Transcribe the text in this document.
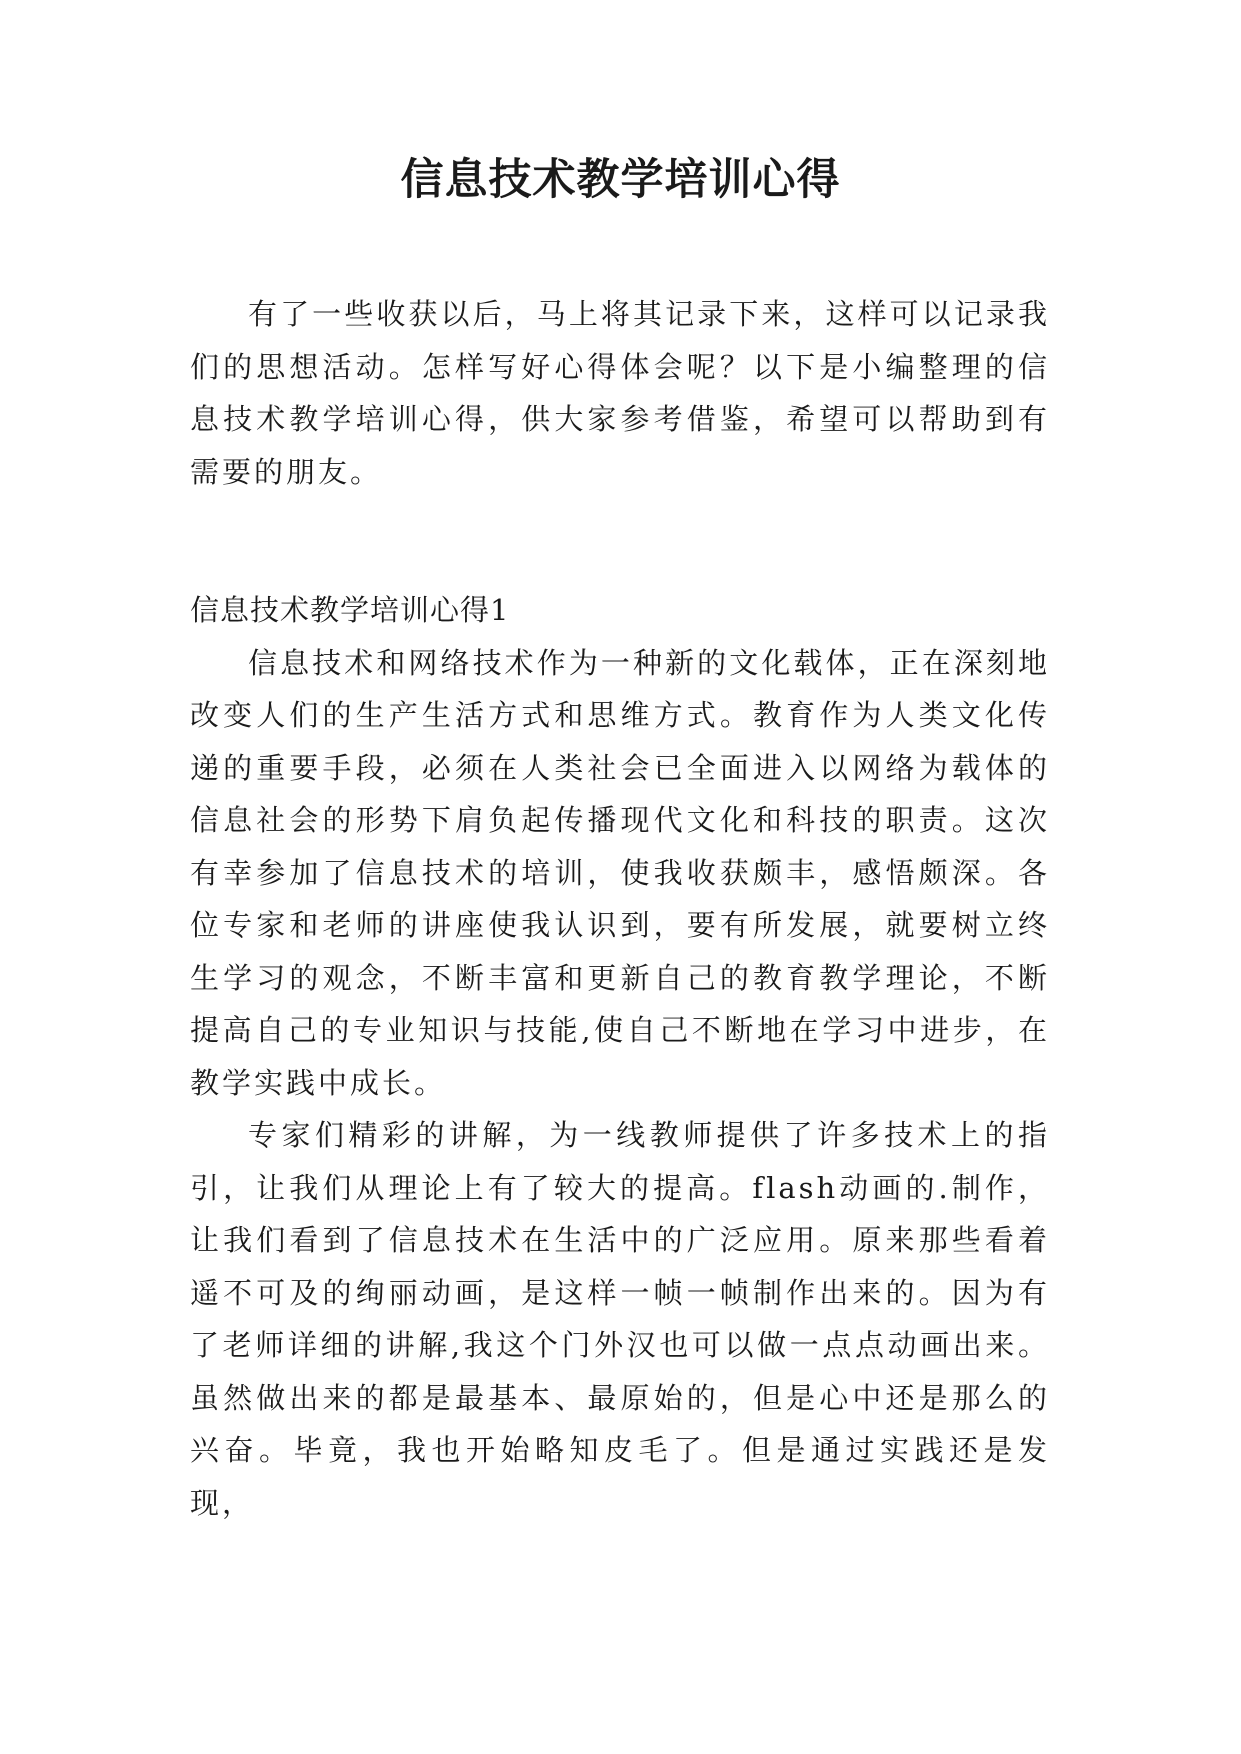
信息技术教学培训心得

有了一些收获以后，马上将其记录下来，这样可以记录我们的思想活动。怎样写好心得体会呢？以下是小编整理的信息技术教学培训心得，供大家参考借鉴，希望可以帮助到有需要的朋友。

信息技术教学培训心得1

信息技术和网络技术作为一种新的文化载体，正在深刻地改变人们的生产生活方式和思维方式。教育作为人类文化传递的重要手段，必须在人类社会已全面进入以网络为载体的信息社会的形势下肩负起传播现代文化和科技的职责。这次有幸参加了信息技术的培训，使我收获颇丰，感悟颇深。各位专家和老师的讲座使我认识到，要有所发展，就要树立终生学习的观念，不断丰富和更新自己的教育教学理论，不断提高自己的专业知识与技能,使自己不断地在学习中进步，在教学实践中成长。

专家们精彩的讲解，为一线教师提供了许多技术上的指引，让我们从理论上有了较大的提高。flash动画的.制作，让我们看到了信息技术在生活中的广泛应用。原来那些看着遥不可及的绚丽动画，是这样一帧一帧制作出来的。因为有了老师详细的讲解,我这个门外汉也可以做一点点动画出来。虽然做出来的都是最基本、最原始的，但是心中还是那么的兴奋。毕竟，我也开始略知皮毛了。但是通过实践还是发现，
